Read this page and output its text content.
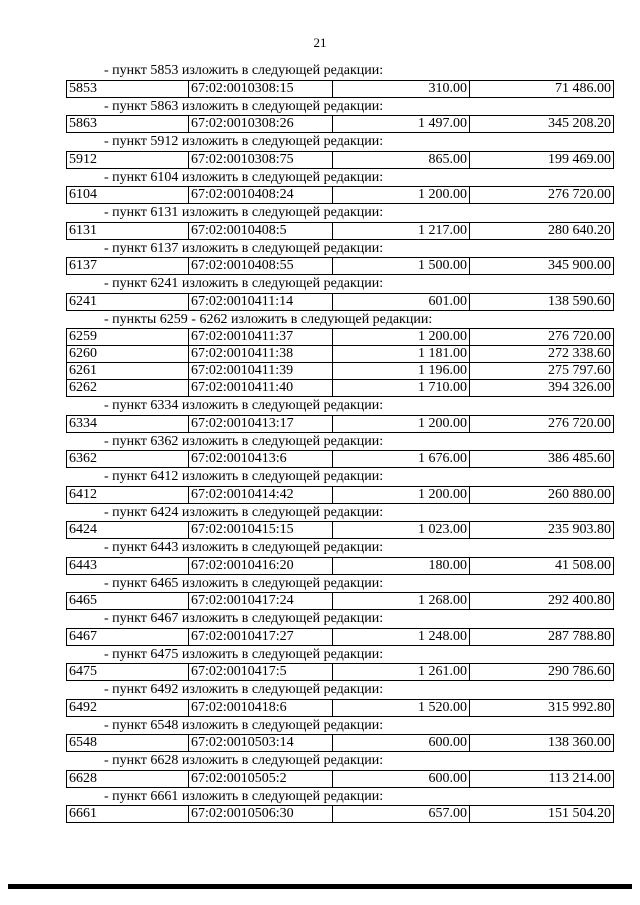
21
- пункт 5853 изложить в следующей редакции:
5853	67:02:0010308:15	310.00	71 486.00
- пункт 5863 изложить в следующей редакции:
5863	67:02:0010308:26	1 497.00	345 208.20
- пункт 5912 изложить в следующей редакции:
5912	67:02:0010308:75	865.00	199 469.00
- пункт 6104 изложить в следующей редакции:
6104	67:02:0010408:24	1 200.00	276 720.00
- пункт 6131 изложить в следующей редакции:
6131	67:02:0010408:5	1 217.00	280 640.20
- пункт 6137 изложить в следующей редакции:
6137	67:02:0010408:55	1 500.00	345 900.00
- пункт 6241 изложить в следующей редакции:
6241	67:02:0010411:14	601.00	138 590.60
- пункты 6259 - 6262 изложить в следующей редакции:
6259	67:02:0010411:37	1 200.00	276 720.00
6260	67:02:0010411:38	1 181.00	272 338.60
6261	67:02:0010411:39	1 196.00	275 797.60
6262	67:02:0010411:40	1 710.00	394 326.00
- пункт 6334 изложить в следующей редакции:
6334	67:02:0010413:17	1 200.00	276 720.00
- пункт 6362 изложить в следующей редакции:
6362	67:02:0010413:6	1 676.00	386 485.60
- пункт 6412 изложить в следующей редакции:
6412	67:02:0010414:42	1 200.00	260 880.00
- пункт 6424 изложить в следующей редакции:
6424	67:02:0010415:15	1 023.00	235 903.80
- пункт 6443 изложить в следующей редакции:
6443	67:02:0010416:20	180.00	41 508.00
- пункт 6465 изложить в следующей редакции:
6465	67:02:0010417:24	1 268.00	292 400.80
- пункт 6467 изложить в следующей редакции:
6467	67:02:0010417:27	1 248.00	287 788.80
- пункт 6475 изложить в следующей редакции:
6475	67:02:0010417:5	1 261.00	290 786.60
- пункт 6492 изложить в следующей редакции:
6492	67:02:0010418:6	1 520.00	315 992.80
- пункт 6548 изложить в следующей редакции:
6548	67:02:0010503:14	600.00	138 360.00
- пункт 6628 изложить в следующей редакции:
6628	67:02:0010505:2	600.00	113 214.00
- пункт 6661 изложить в следующей редакции:
6661	67:02:0010506:30	657.00	151 504.20
